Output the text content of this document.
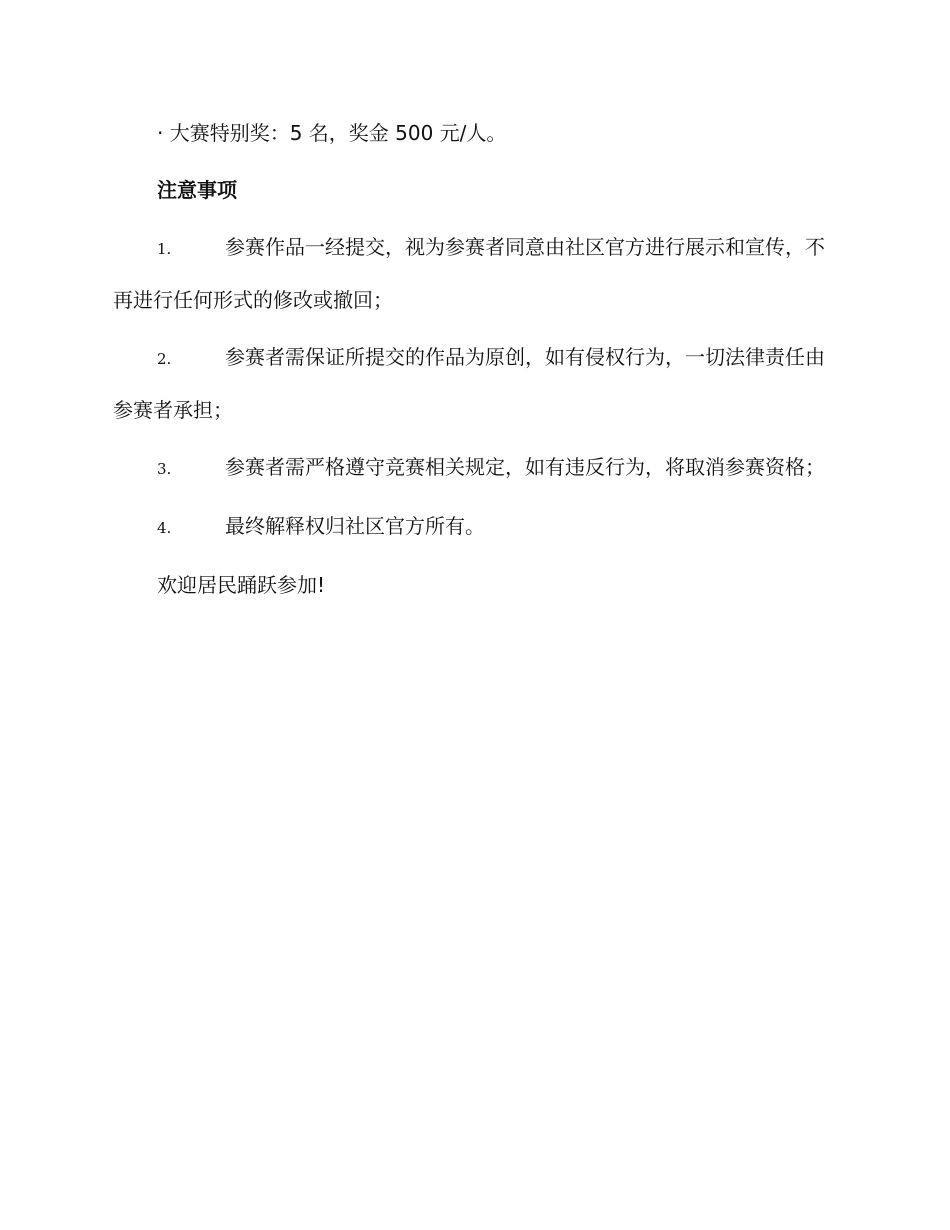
· 大赛特别奖：5 名，奖金 500 元/人。

注意事项

1.	参赛作品一经提交，视为参赛者同意由社区官方进行展示和宣传，不再进行任何形式的修改或撤回；

2.	参赛者需保证所提交的作品为原创，如有侵权行为，一切法律责任由参赛者承担；

3.	参赛者需严格遵守竞赛相关规定，如有违反行为，将取消参赛资格；

4.	最终解释权归社区官方所有。

欢迎居民踊跃参加!
